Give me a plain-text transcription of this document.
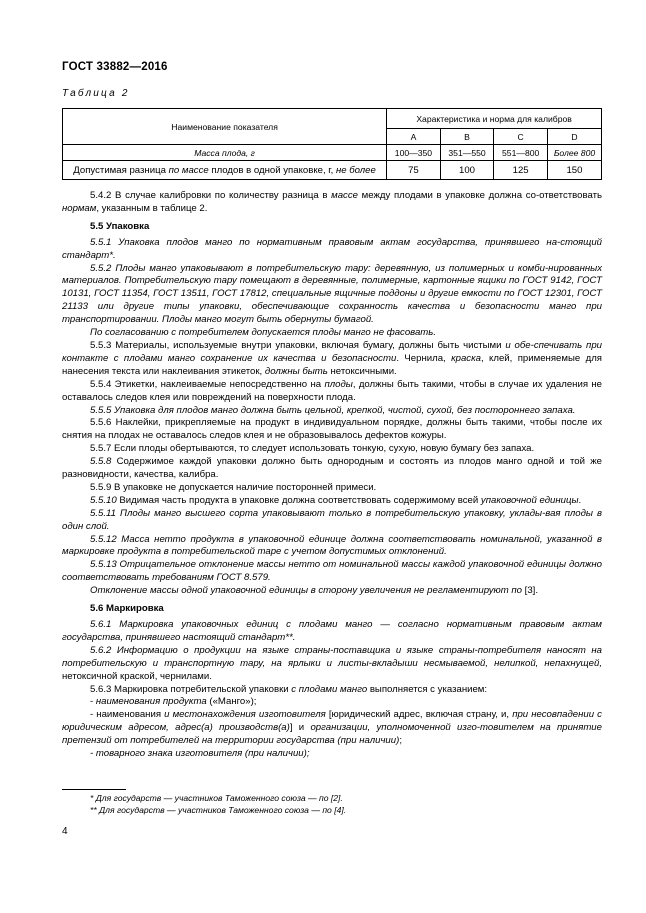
ГОСТ 33882—2016
Таблица 2
Наименование показателя	Характеристика и норма для калибров			
	A	B	C	D
Масса плода, г	100—350	351—550	551—800	Более 800
Допустимая разница по массе плодов в одной упаковке, г, не более	75	100	125	150

5.4.2 В случае калибровки по количеству разница в массе между плодами в упаковке должна со-ответствовать нормам, указанным в таблице 2.

5.5 Упаковка

5.5.1 Упаковка плодов манго по нормативным правовым актам государства, принявшего на-стоящий стандарт*.

5.5.2 Плоды манго упаковывают в потребительскую тару: деревянную, из полимерных и комби-нированных материалов. Потребительскую тару помещают в деревянные, полимерные, картонные ящики по ГОСТ 9142, ГОСТ 10131, ГОСТ 11354, ГОСТ 13511, ГОСТ 17812, специальные ящичные поддоны и другие емкости по ГОСТ 12301, ГОСТ 21133 или другие типы упаковки, обеспечивающие сохранность качества и безопасности манго при транспортировании. Плоды манго могут быть обернуты бумагой.

По согласованию с потребителем допускается плоды манго не фасовать.

5.5.3 Материалы, используемые внутри упаковки, включая бумагу, должны быть чистыми и обе-спечивать при контакте с плодами манго сохранение их качества и безопасности. Чернила, краска, клей, применяемые для нанесения текста или наклеивания этикеток, должны быть нетоксичными.

5.5.4 Этикетки, наклеиваемые непосредственно на плоды, должны быть такими, чтобы в случае их удаления не оставалось следов клея или повреждений на поверхности плода.

5.5.5 Упаковка для плодов манго должна быть цельной, крепкой, чистой, сухой, без постороннего запаха.

5.5.6 Наклейки, прикрепляемые на продукт в индивидуальном порядке, должны быть такими, чтобы после их снятия на плодах не оставалось следов клея и не образовывалось дефектов кожуры.

5.5.7 Если плоды обертываются, то следует использовать тонкую, сухую, новую бумагу без запаха.

5.5.8 Содержимое каждой упаковки должно быть однородным и состоять из плодов манго одной и той же разновидности, качества, калибра.

5.5.9 В упаковке не допускается наличие посторонней примеси.

5.5.10 Видимая часть продукта в упаковке должна соответствовать содержимому всей упаковочной единицы.

5.5.11 Плоды манго высшего сорта упаковывают только в потребительскую упаковку, уклады-вая плоды в один слой.

5.5.12 Масса нетто продукта в упаковочной единице должна соответствовать номинальной, указанной в маркировке продукта в потребительской таре с учетом допустимых отклонений.

5.5.13 Отрицательное отклонение массы нетто от номинальной массы каждой упаковочной единицы должно соответствовать требованиям ГОСТ 8.579.

Отклонение массы одной упаковочной единицы в сторону увеличения не регламентируют по [3].

5.6 Маркировка

5.6.1 Маркировка упаковочных единиц с плодами манго — согласно нормативным правовым актам государства, принявшего настоящий стандарт**.

5.6.2 Информацию о продукции на языке страны-поставщика и языке страны-потребителя наносят на потребительскую и транспортную тару, на ярлыки и листы-вкладыши несмываемой, нелипкой, непахнущей, нетоксичной краской, чернилами.

5.6.3 Маркировка потребительской упаковки с плодами манго выполняется с указанием:

- наименования продукта («Манго»);

- наименования и местонахождения изготовителя [юридический адрес, включая страну, и, при несовпадении с юридическим адресом, адрес(а) производств(а)] и организации, уполномоченной изго-товителем на принятие претензий от потребителей на территории государства (при наличии);

- товарного знака изготовителя (при наличии);

* Для государств — участников Таможенного союза — по [2].
** Для государств — участников Таможенного союза — по [4].
4
